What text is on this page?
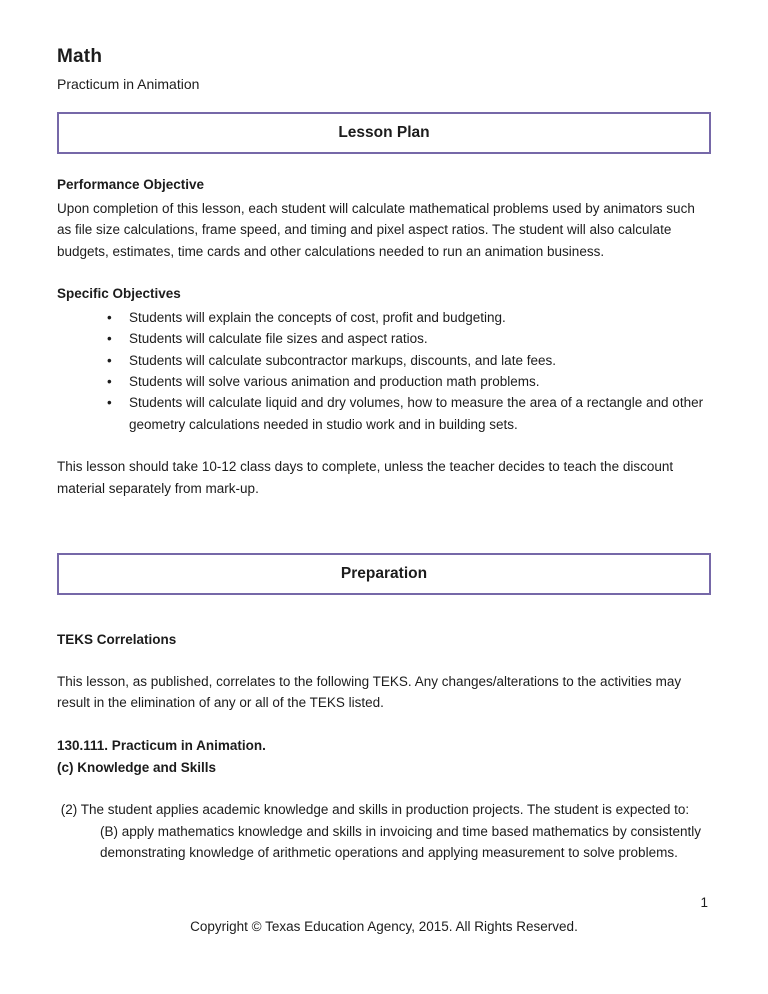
Math

Practicum in Animation

Lesson Plan

Performance Objective

Upon completion of this lesson, each student will calculate mathematical problems used by animators such as file size calculations, frame speed, and timing and pixel aspect ratios. The student will also calculate budgets, estimates, time cards and other calculations needed to run an animation business.

Specific Objectives

• Students will explain the concepts of cost, profit and budgeting.
• Students will calculate file sizes and aspect ratios.
• Students will calculate subcontractor markups, discounts, and late fees.
• Students will solve various animation and production math problems.
• Students will calculate liquid and dry volumes, how to measure the area of a rectangle and other geometry calculations needed in studio work and in building sets.

This lesson should take 10-12 class days to complete, unless the teacher decides to teach the discount material separately from mark-up.

Preparation

TEKS Correlations

This lesson, as published, correlates to the following TEKS. Any changes/alterations to the activities may result in the elimination of any or all of the TEKS listed.

130.111. Practicum in Animation.

(c) Knowledge and Skills

(2) The student applies academic knowledge and skills in production projects. The student is expected to:

(B) apply mathematics knowledge and skills in invoicing and time based mathematics by consistently demonstrating knowledge of arithmetic operations and applying measurement to solve problems.

1
Copyright © Texas Education Agency, 2015. All Rights Reserved.
